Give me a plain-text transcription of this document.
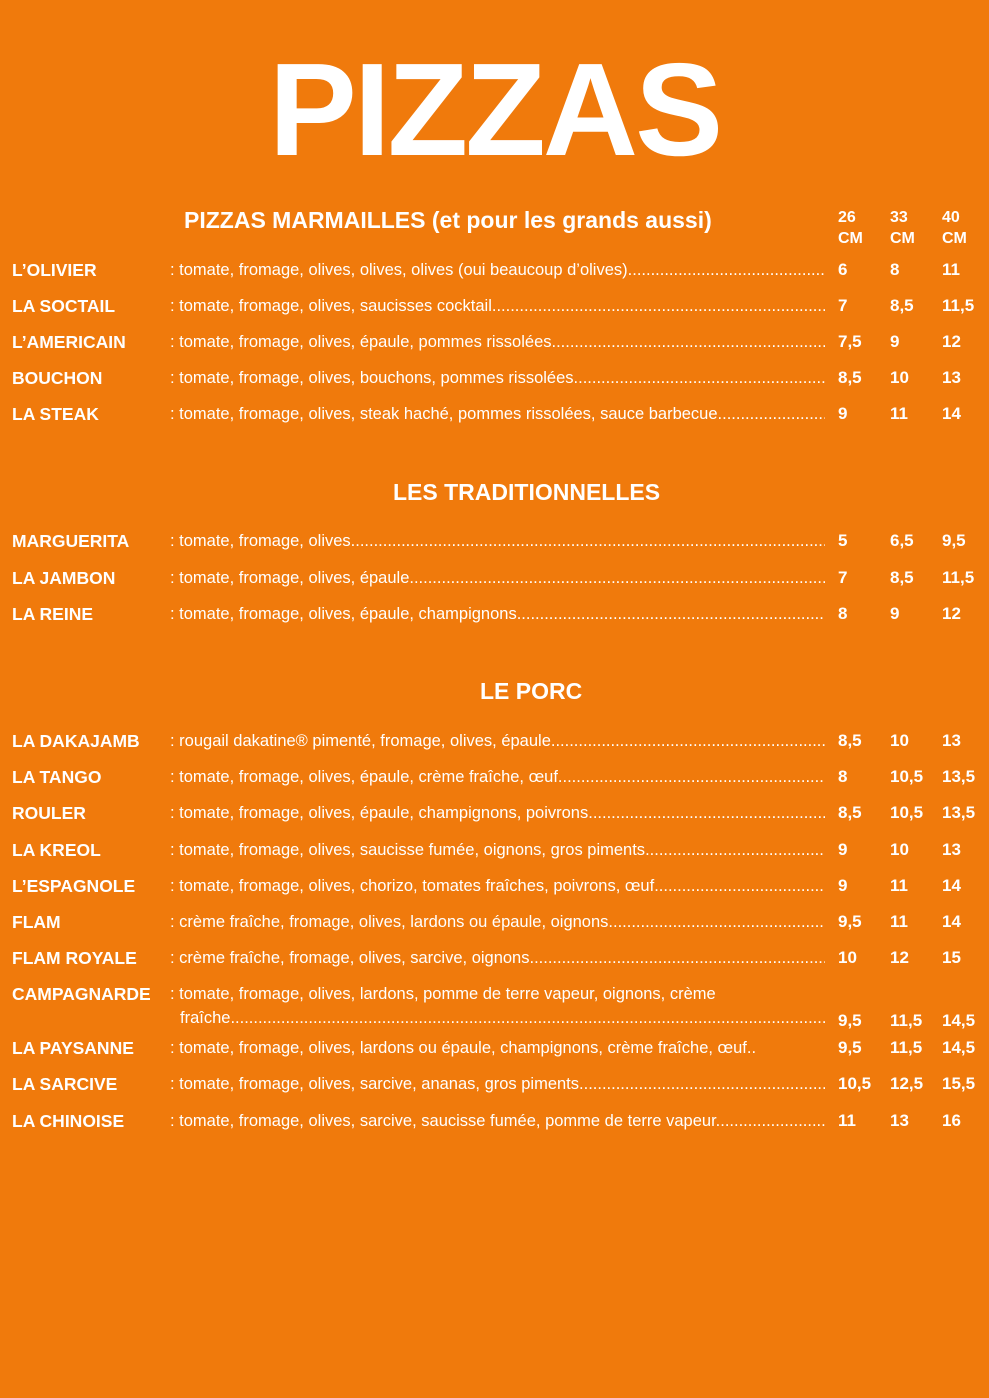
PIZZAS
26
CM
33
CM
40
CM
PIZZAS MARMAILLES (et pour les grands aussi)
L’OLIVIER	: tomate, fromage, olives, olives, olives (oui beaucoup d’olives) .....	6	8	11
LA SOCTAIL	: tomate, fromage, olives, saucisses cocktail .....	7	8,5 11,5
L’AMERICAIN	: tomate, fromage, olives, épaule, pommes rissolées .....	7,5 9	12
BOUCHON	: tomate, fromage, olives, bouchons, pommes rissolées .....	8,5 10 13
LA STEAK	: tomate, fromage, olives, steak haché, pommes rissolées, sauce barbecue .....	9	11 14
LES TRADITIONNELLES
MARGUERITA : tomate, fromage, olives .....	5	6,5 9,5
LA JAMBON	: tomate, fromage, olives, épaule .....	7	8,5 11,5
LA REINE	: tomate, fromage, olives, épaule, champignons .....	8	9	12
LE PORC
LA DAKAJAMB : rougail dakatine® pimenté, fromage, olives, épaule .....	8,5 10 13
LA TANGO	: tomate, fromage, olives, épaule, crème fraîche, œuf .....	8	10,5 13,5
ROULER	: tomate, fromage, olives, épaule, champignons, poivrons .....	8,5 10,5 13,5
LA KREOL	: tomate, fromage, olives, saucisse fumée, oignons, gros piments .....	9	10 13
L’ESPAGNOLE : tomate, fromage, olives, chorizo, tomates fraîches, poivrons, œuf .....	9	11 14
FLAM	: crème fraîche, fromage, olives, lardons ou épaule, oignons .....	9,5 11 14
FLAM ROYALE : crème fraîche, fromage, olives, sarcive, oignons .....	10 12 15
CAMPAGNARDE : tomate, fromage, olives, lardons, pomme de terre vapeur, oignons, crème
fraîche .....	9,5 11,5 14,5
LA PAYSANNE : tomate, fromage, olives, lardons ou épaule, champignons, crème fraîche, œuf..	9,5 11,5 14,5
LA SARCIVE	: tomate, fromage, olives, sarcive, ananas, gros piments .....	10,5 12,5 15,5
LA CHINOISE	: tomate, fromage, olives, sarcive, saucisse fumée, pomme de terre vapeur .....	11 13 16
